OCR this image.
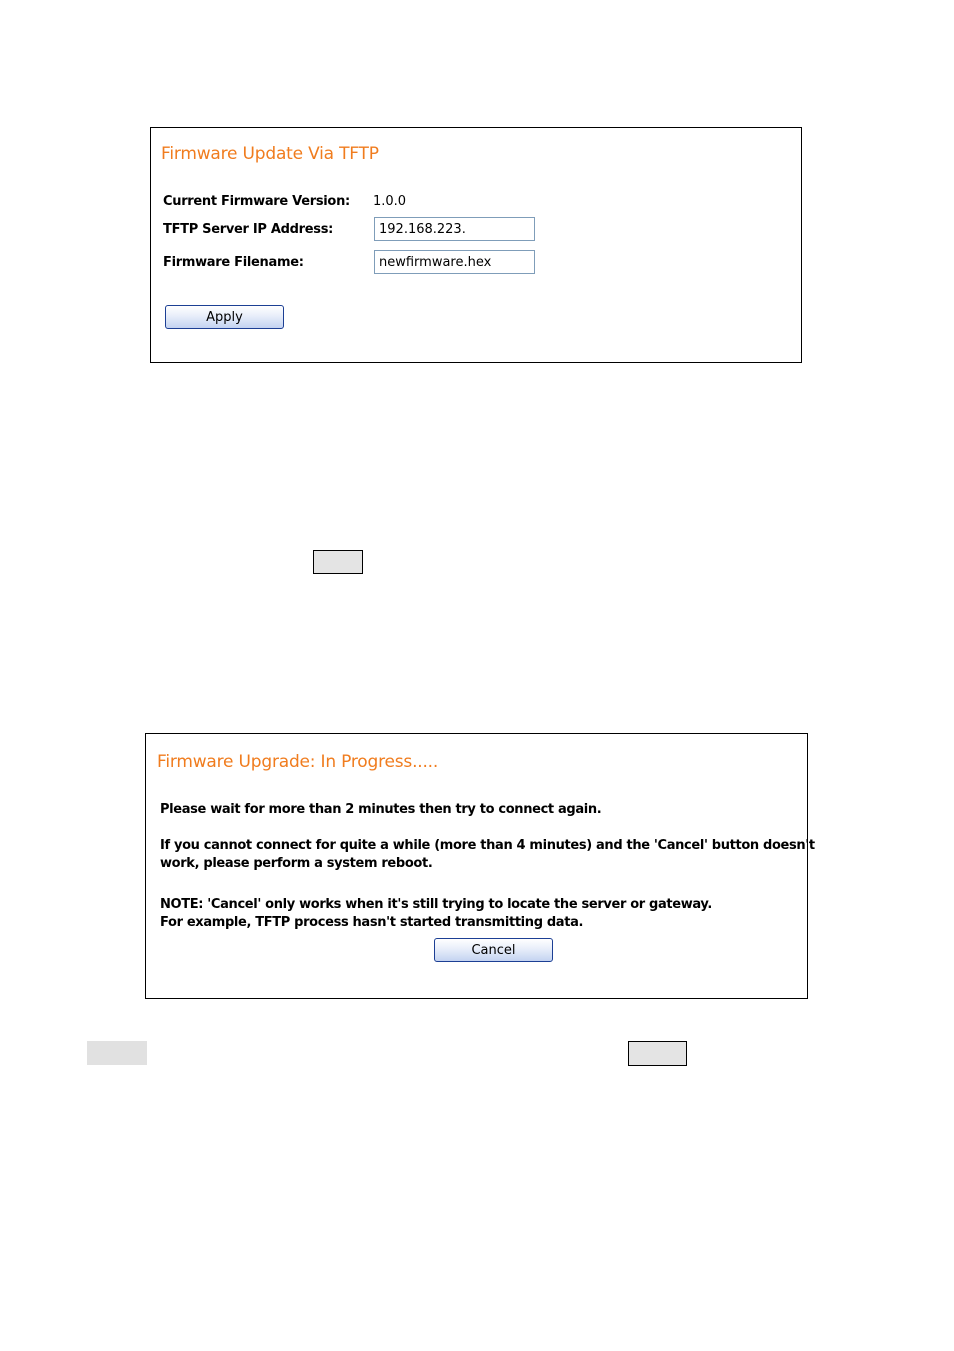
Firmware Update Via TFTP
Current Firmware Version: 1.0.0
TFTP Server IP Address:
192.168.223.
Firmware Filename:
newfirmware.hex
Apply
Firmware Upgrade: In Progress.....
Please wait for more than 2 minutes then try to connect again.
If you cannot connect for quite a while (more than 4 minutes) and the 'Cancel' button doesn't
work, please perform a system reboot.
NOTE: 'Cancel' only works when it's still trying to locate the server or gateway.
For example, TFTP process hasn't started transmitting data.
Cancel
